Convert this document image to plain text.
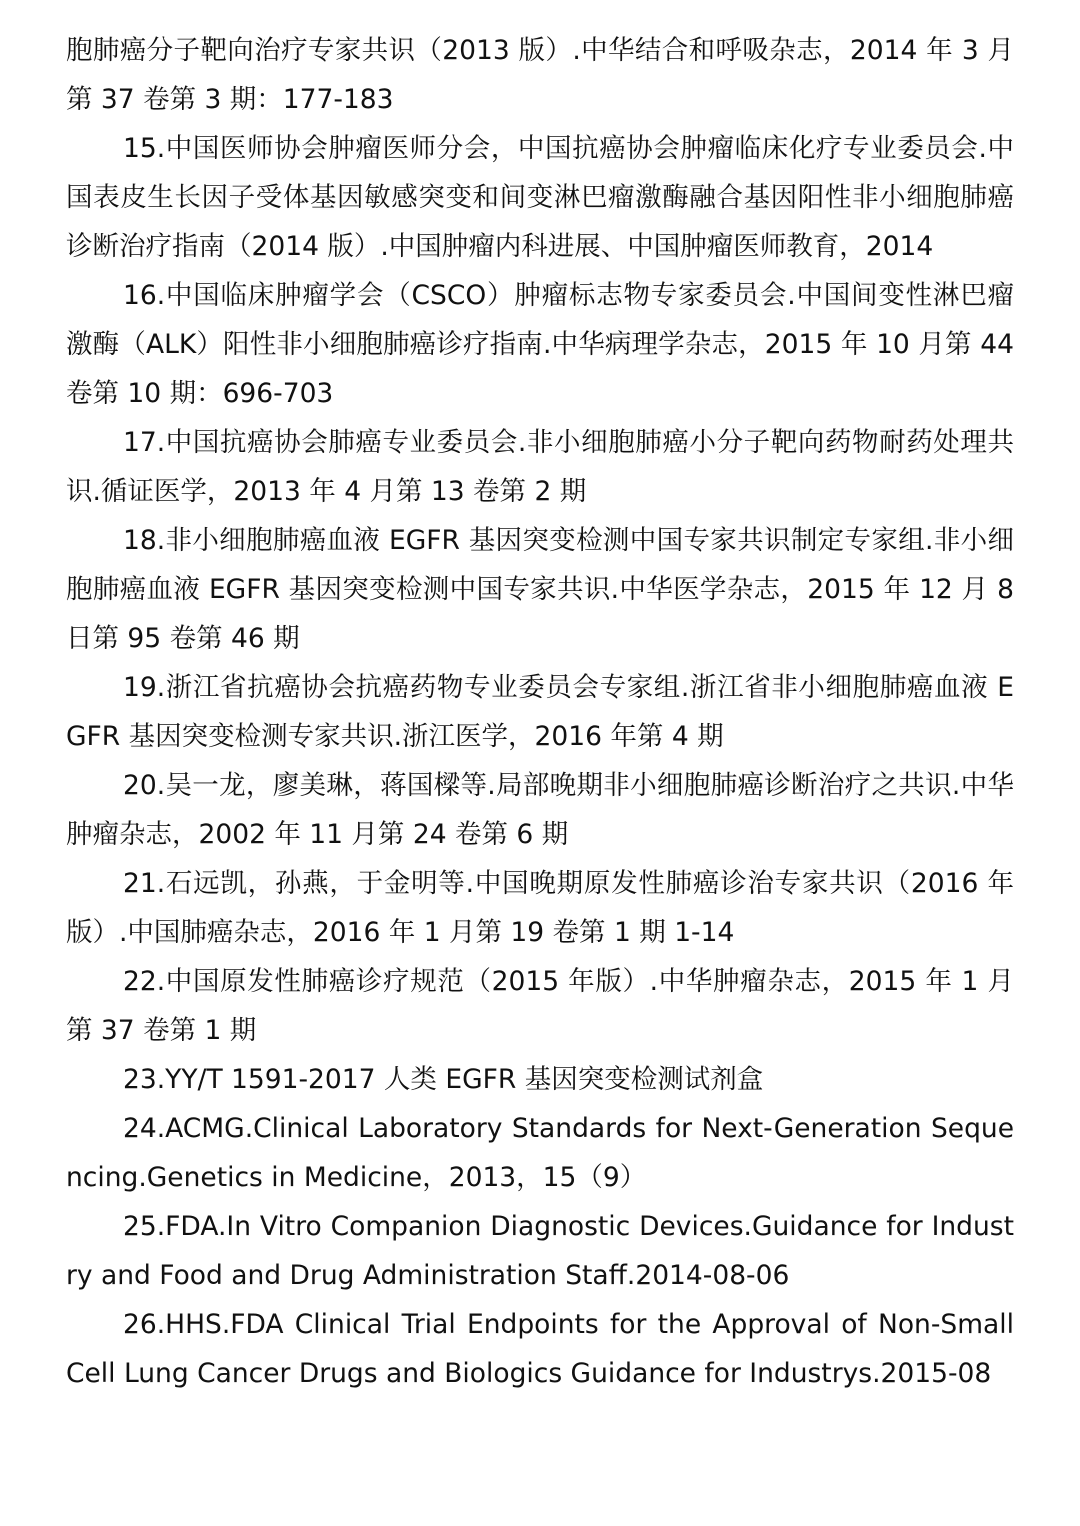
胞肺癌分子靶向治疗专家共识（2013 版）.中华结合和呼吸杂志，2014 年 3 月第 37 卷第 3 期：177-183

15.中国医师协会肿瘤医师分会，中国抗癌协会肿瘤临床化疗专业委员会.中国表皮生长因子受体基因敏感突变和间变淋巴瘤激酶融合基因阳性非小细胞肺癌诊断治疗指南（2014 版）.中国肿瘤内科进展、中国肿瘤医师教育，2014

16.中国临床肿瘤学会（CSCO）肿瘤标志物专家委员会.中国间变性淋巴瘤激酶（ALK）阳性非小细胞肺癌诊疗指南.中华病理学杂志，2015 年 10 月第 44 卷第 10 期：696-703

17.中国抗癌协会肺癌专业委员会.非小细胞肺癌小分子靶向药物耐药处理共识.循证医学，2013 年 4 月第 13 卷第 2 期

18.非小细胞肺癌血液 EGFR 基因突变检测中国专家共识制定专家组.非小细胞肺癌血液 EGFR 基因突变检测中国专家共识.中华医学杂志，2015 年 12 月 8 日第 95 卷第 46 期

19.浙江省抗癌协会抗癌药物专业委员会专家组.浙江省非小细胞肺癌血液 EGFR 基因突变检测专家共识.浙江医学，2016 年第 4 期

20.吴一龙，廖美琳，蒋国樑等.局部晚期非小细胞肺癌诊断治疗之共识.中华肿瘤杂志，2002 年 11 月第 24 卷第 6 期

21.石远凯，孙燕，于金明等.中国晚期原发性肺癌诊治专家共识（2016 年版）.中国肺癌杂志，2016 年 1 月第 19 卷第 1 期 1-14

22.中国原发性肺癌诊疗规范（2015 年版）.中华肿瘤杂志，2015 年 1 月第 37 卷第 1 期

23.YY/T 1591-2017 人类 EGFR 基因突变检测试剂盒

24.ACMG.Clinical Laboratory Standards for Next-Generation Sequencing.Genetics in Medicine，2013，15（9）

25.FDA.In Vitro Companion Diagnostic Devices.Guidance for Industry and Food and Drug Administration Staff.2014-08-06

26.HHS.FDA Clinical Trial Endpoints for the Approval of Non-Small Cell Lung Cancer Drugs and Biologics Guidance for Industrys.2015-08
